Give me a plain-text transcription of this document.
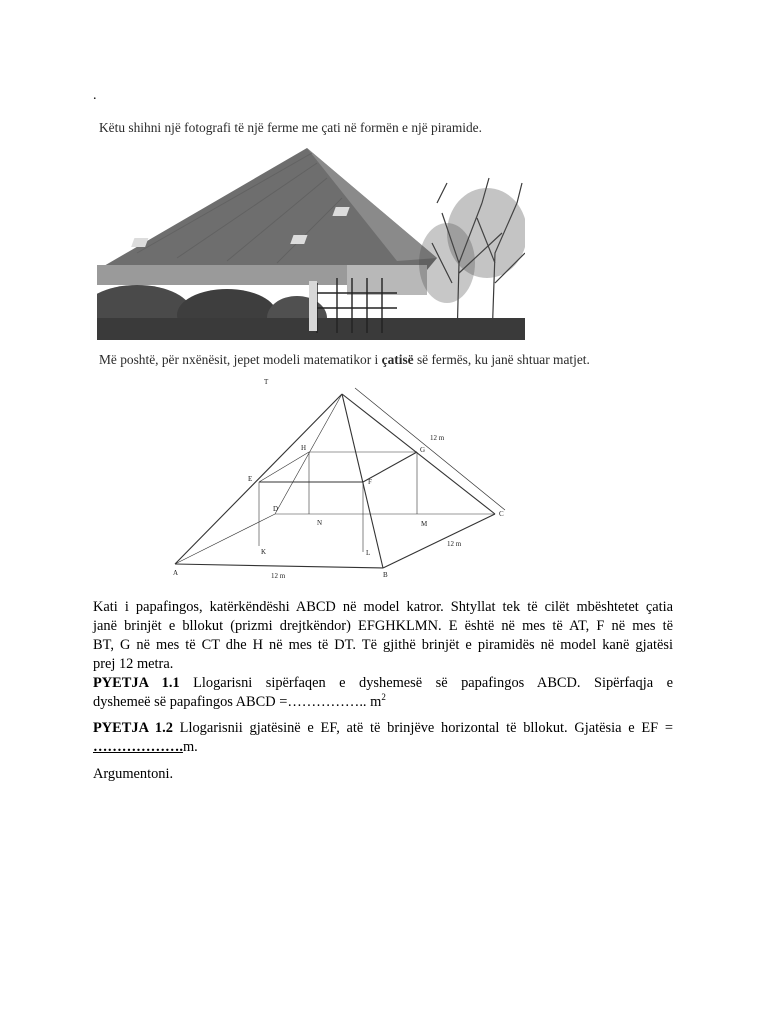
.
Këtu shihni një fotografi të një ferme me çati në formën e një piramide.
Më poshtë, për nxënësit, jepet modeli matematikor i çatisë së fermës, ku janë shtuar matjet.
T
H	G
E	F
D
N	M
C
K	L
A	B
12 m
12 m
12 m
Kati i papafingos, katërkëndëshi ABCD në model katror. Shtyllat tek të cilët mbështetet çatia
janë brinjët e bllokut (prizmi drejtkëndor) EFGHKLMN. E është në mes të AT, F në mes të
BT, G në mes të CT dhe H në mes të DT. Të gjithë brinjët e piramidës në model kanë gjatësi
prej 12 metra.
PYETJA 1.1 Llogarisni sipërfaqen e dyshemesë së papafingos ABCD. Sipërfaqja e
dyshemeë së papafingos ABCD =…………….. $m^2$
PYETJA 1.2 Llogarisnii gjatësinë e EF, atë të brinjëve horizontal të bllokut. Gjatësia e EF =
……………….m.
Argumentoni.
